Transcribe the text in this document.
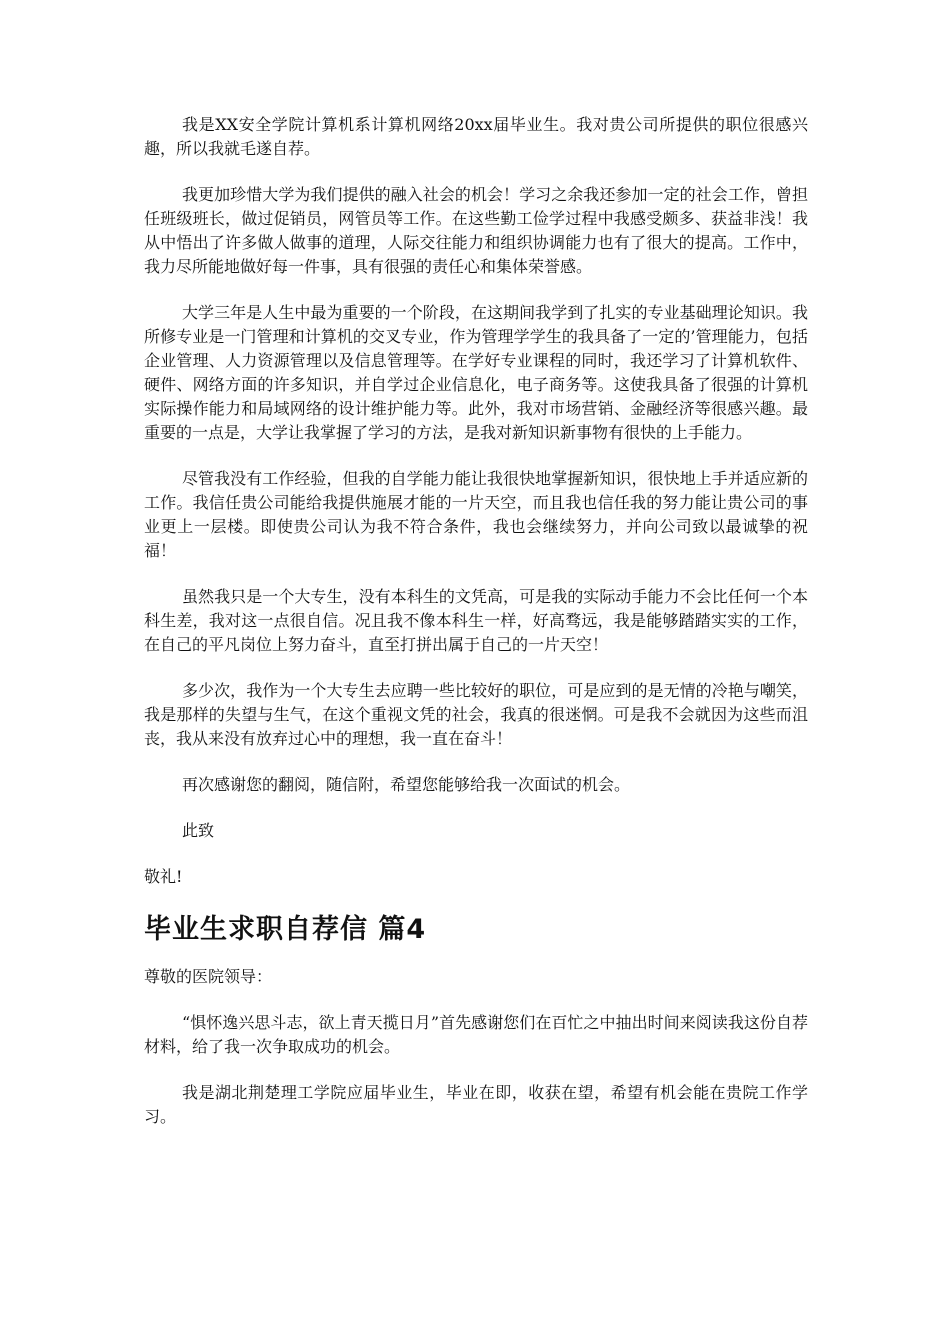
我是XX安全学院计算机系计算机网络20xx届毕业生。我对贵公司所提供的职位很感兴趣，所以我就毛遂自荐。

我更加珍惜大学为我们提供的融入社会的机会！学习之余我还参加一定的社会工作，曾担任班级班长，做过促销员，网管员等工作。在这些勤工俭学过程中我感受颇多、获益非浅！我从中悟出了许多做人做事的道理，人际交往能力和组织协调能力也有了很大的提高。工作中，我力尽所能地做好每一件事，具有很强的责任心和集体荣誉感。

大学三年是人生中最为重要的一个阶段，在这期间我学到了扎实的专业基础理论知识。我所修专业是一门管理和计算机的交叉专业，作为管理学学生的我具备了一定的’管理能力，包括企业管理、人力资源管理以及信息管理等。在学好专业课程的同时，我还学习了计算机软件、硬件、网络方面的许多知识，并自学过企业信息化，电子商务等。这使我具备了很强的计算机实际操作能力和局域网络的设计维护能力等。此外，我对市场营销、金融经济等很感兴趣。最重要的一点是，大学让我掌握了学习的方法，是我对新知识新事物有很快的上手能力。

尽管我没有工作经验，但我的自学能力能让我很快地掌握新知识，很快地上手并适应新的工作。我信任贵公司能给我提供施展才能的一片天空，而且我也信任我的努力能让贵公司的事业更上一层楼。即使贵公司认为我不符合条件，我也会继续努力，并向公司致以最诚挚的祝福！

虽然我只是一个大专生，没有本科生的文凭高，可是我的实际动手能力不会比任何一个本科生差，我对这一点很自信。况且我不像本科生一样，好高骛远，我是能够踏踏实实的工作，在自己的平凡岗位上努力奋斗，直至打拼出属于自己的一片天空！

多少次，我作为一个大专生去应聘一些比较好的职位，可是应到的是无情的冷艳与嘲笑，我是那样的失望与生气，在这个重视文凭的社会，我真的很迷惘。可是我不会就因为这些而沮丧，我从来没有放弃过心中的理想，我一直在奋斗！

再次感谢您的翻阅，随信附，希望您能够给我一次面试的机会。

此致

敬礼!

毕业生求职自荐信 篇4

尊敬的医院领导：

“惧怀逸兴思斗志，欲上青天揽日月”首先感谢您们在百忙之中抽出时间来阅读我这份自荐材料，给了我一次争取成功的机会。

我是湖北荆楚理工学院应届毕业生，毕业在即，收获在望，希望有机会能在贵院工作学习。
